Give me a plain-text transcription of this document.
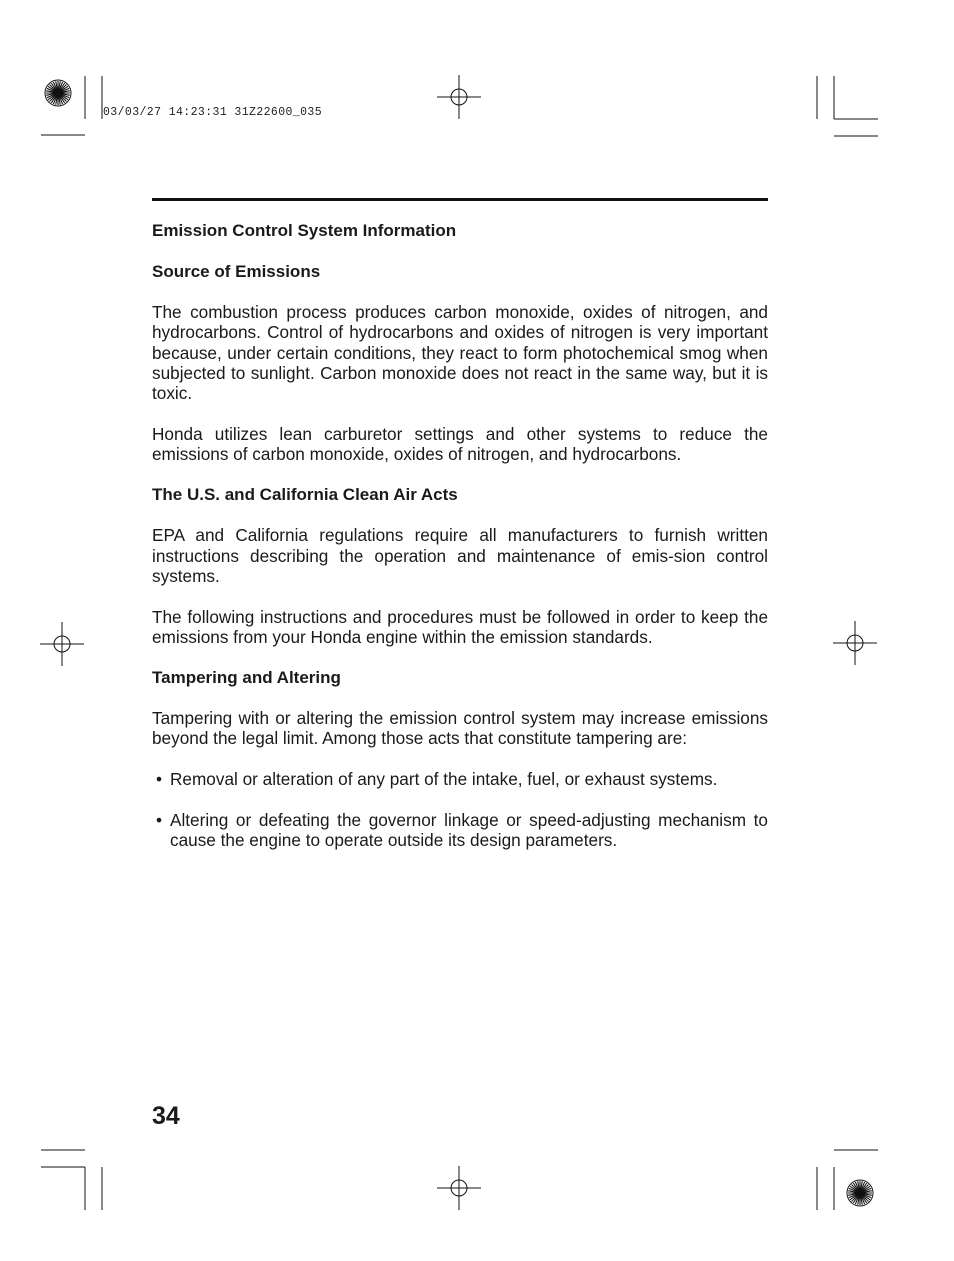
03/03/27 14:23:31 31Z22600_035
Emission Control System Information
Source of Emissions

The combustion process produces carbon monoxide, oxides of nitrogen, and hydrocarbons. Control of hydrocarbons and oxides of nitrogen is very important because, under certain conditions, they react to form photochemical smog when subjected to sunlight. Carbon monoxide does not react in the same way, but it is toxic.

Honda utilizes lean carburetor settings and other systems to reduce the emissions of carbon monoxide, oxides of nitrogen, and hydrocarbons.

The U.S. and California Clean Air Acts

EPA and California regulations require all manufacturers to furnish written instructions describing the operation and maintenance of emis-sion control systems.

The following instructions and procedures must be followed in order to keep the emissions from your Honda engine within the emission standards.

Tampering and Altering

Tampering with or altering the emission control system may increase emissions beyond the legal limit. Among those acts that constitute tampering are:

• Removal or alteration of any part of the intake, fuel, or exhaust systems.
• Altering or defeating the governor linkage or speed-adjusting mechanism to cause the engine to operate outside its design parameters.
34
